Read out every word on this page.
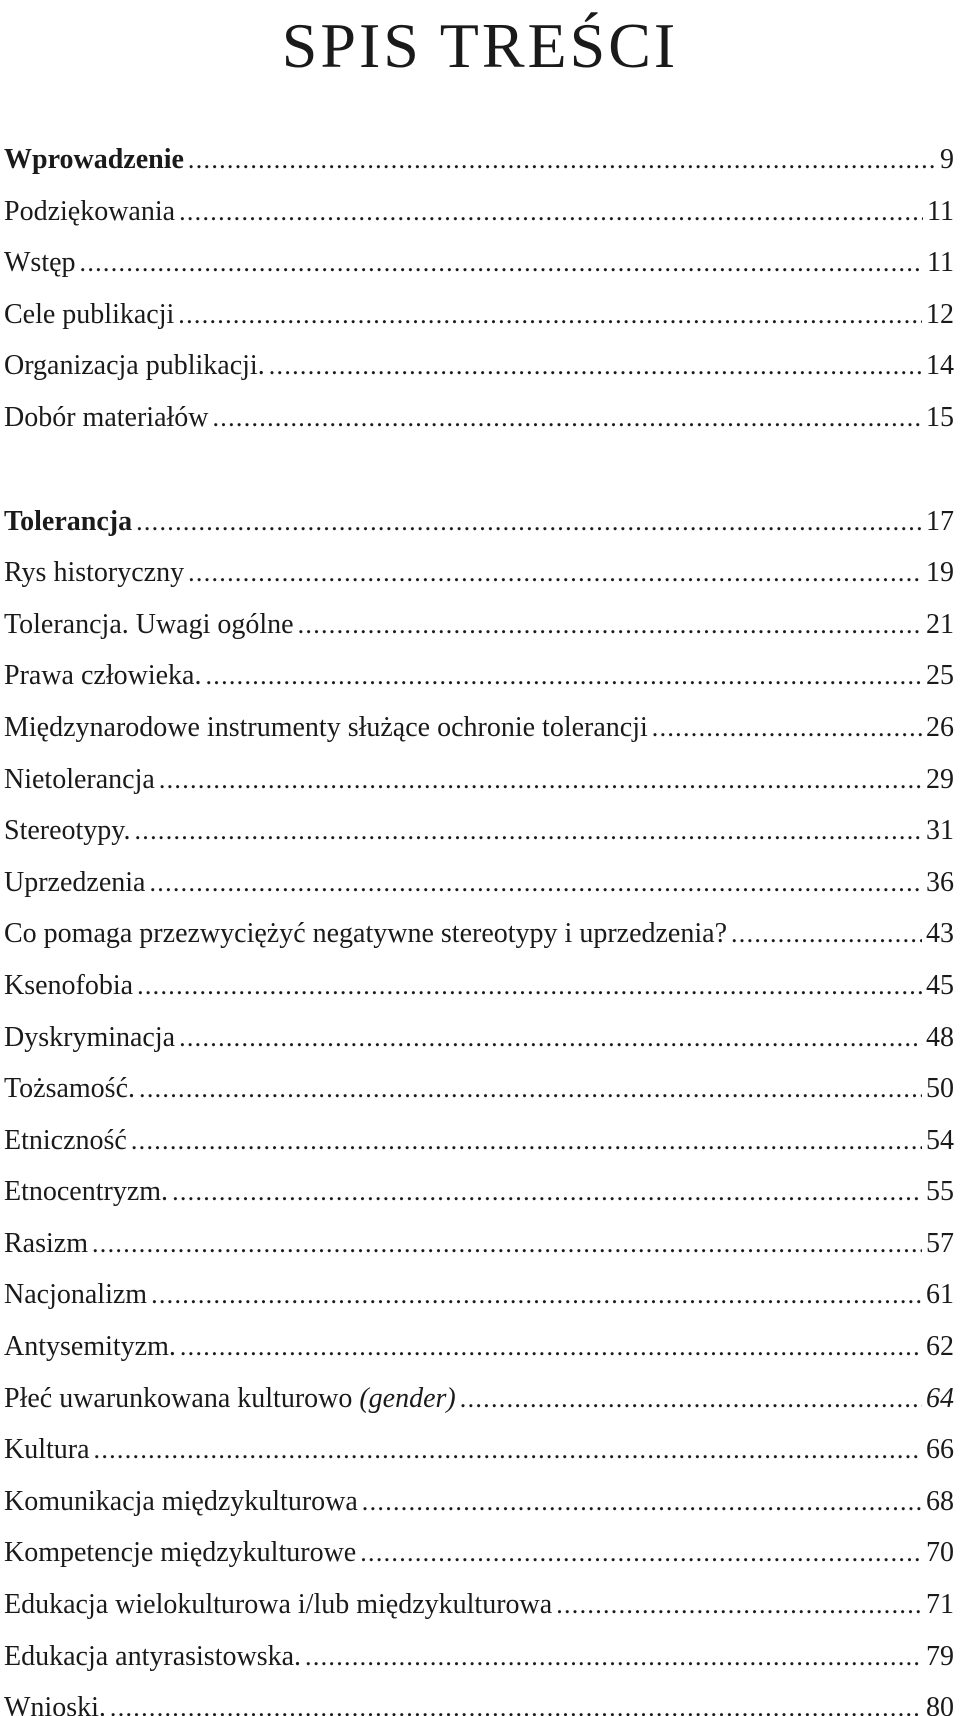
SPIS TREŚCI
Wprowadzenie . . .	9
Podziękowania . . .	11
Wstęp . . .	11
Cele publikacji . . .	12
Organizacja publikacji. . . .	14
Dobór materiałów . . .	15
Tolerancja . . .	17
Rys historyczny . . .	19
Tolerancja. Uwagi ogólne . . .	21
Prawa człowieka. . . .	25
Międzynarodowe instrumenty służące ochronie tolerancji . . .	26
Nietolerancja . . .	29
Stereotypy. . . .	31
Uprzedzenia . . .	36
Co pomaga przezwyciężyć negatywne stereotypy i uprzedzenia? . . .	43
Ksenofobia . . .	45
Dyskryminacja . . .	48
Tożsamość. . . .	50
Etniczność . . .	54
Etnocentryzm. . . .	55
Rasizm . . .	57
Nacjonalizm . . .	61
Antysemityzm. . . .	62
Płeć uwarunkowana kulturowo (gender) . . .	64
Kultura . . .	66
Komunikacja międzykulturowa . . .	68
Kompetencje międzykulturowe . . .	70
Edukacja wielokulturowa i/lub międzykulturowa . . .	71
Edukacja antyrasistowska. . . .	79
Wnioski. . . .	80
